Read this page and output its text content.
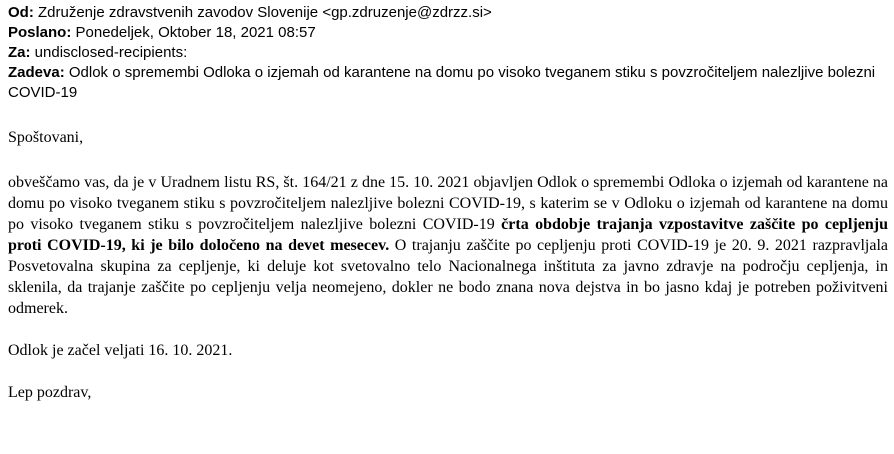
Od: Združenje zdravstvenih zavodov Slovenije <gp.zdruzenje@zdrzz.si>
Poslano: Ponedeljek, Oktober 18, 2021 08:57
Za: undisclosed-recipients:
Zadeva: Odlok o spremembi Odloka o izjemah od karantene na domu po visoko tveganem stiku s povzročiteljem nalezljive bolezni COVID-19
Spoštovani,
obveščamo vas, da je v Uradnem listu RS, št. 164/21 z dne 15. 10. 2021 objavljen Odlok o spremembi Odloka o izjemah od karantene na domu po visoko tveganem stiku s povzročiteljem nalezljive bolezni COVID-19, s katerim se v Odloku o izjemah od karantene na domu po visoko tveganem stiku s povzročiteljem nalezljive bolezni COVID-19 črta obdobje trajanja vzpostavitve zaščite po cepljenju proti COVID-19, ki je bilo določeno na devet mesecev. O trajanju zaščite po cepljenju proti COVID-19 je 20. 9. 2021 razpravljala Posvetovalna skupina za cepljenje, ki deluje kot svetovalno telo Nacionalnega inštituta za javno zdravje na področju cepljenja, in sklenila, da trajanje zaščite po cepljenju velja neomejeno, dokler ne bodo znana nova dejstva in bo jasno kdaj je potreben poživitveni odmerek.
Odlok je začel veljati 16. 10. 2021.
Lep pozdrav,
